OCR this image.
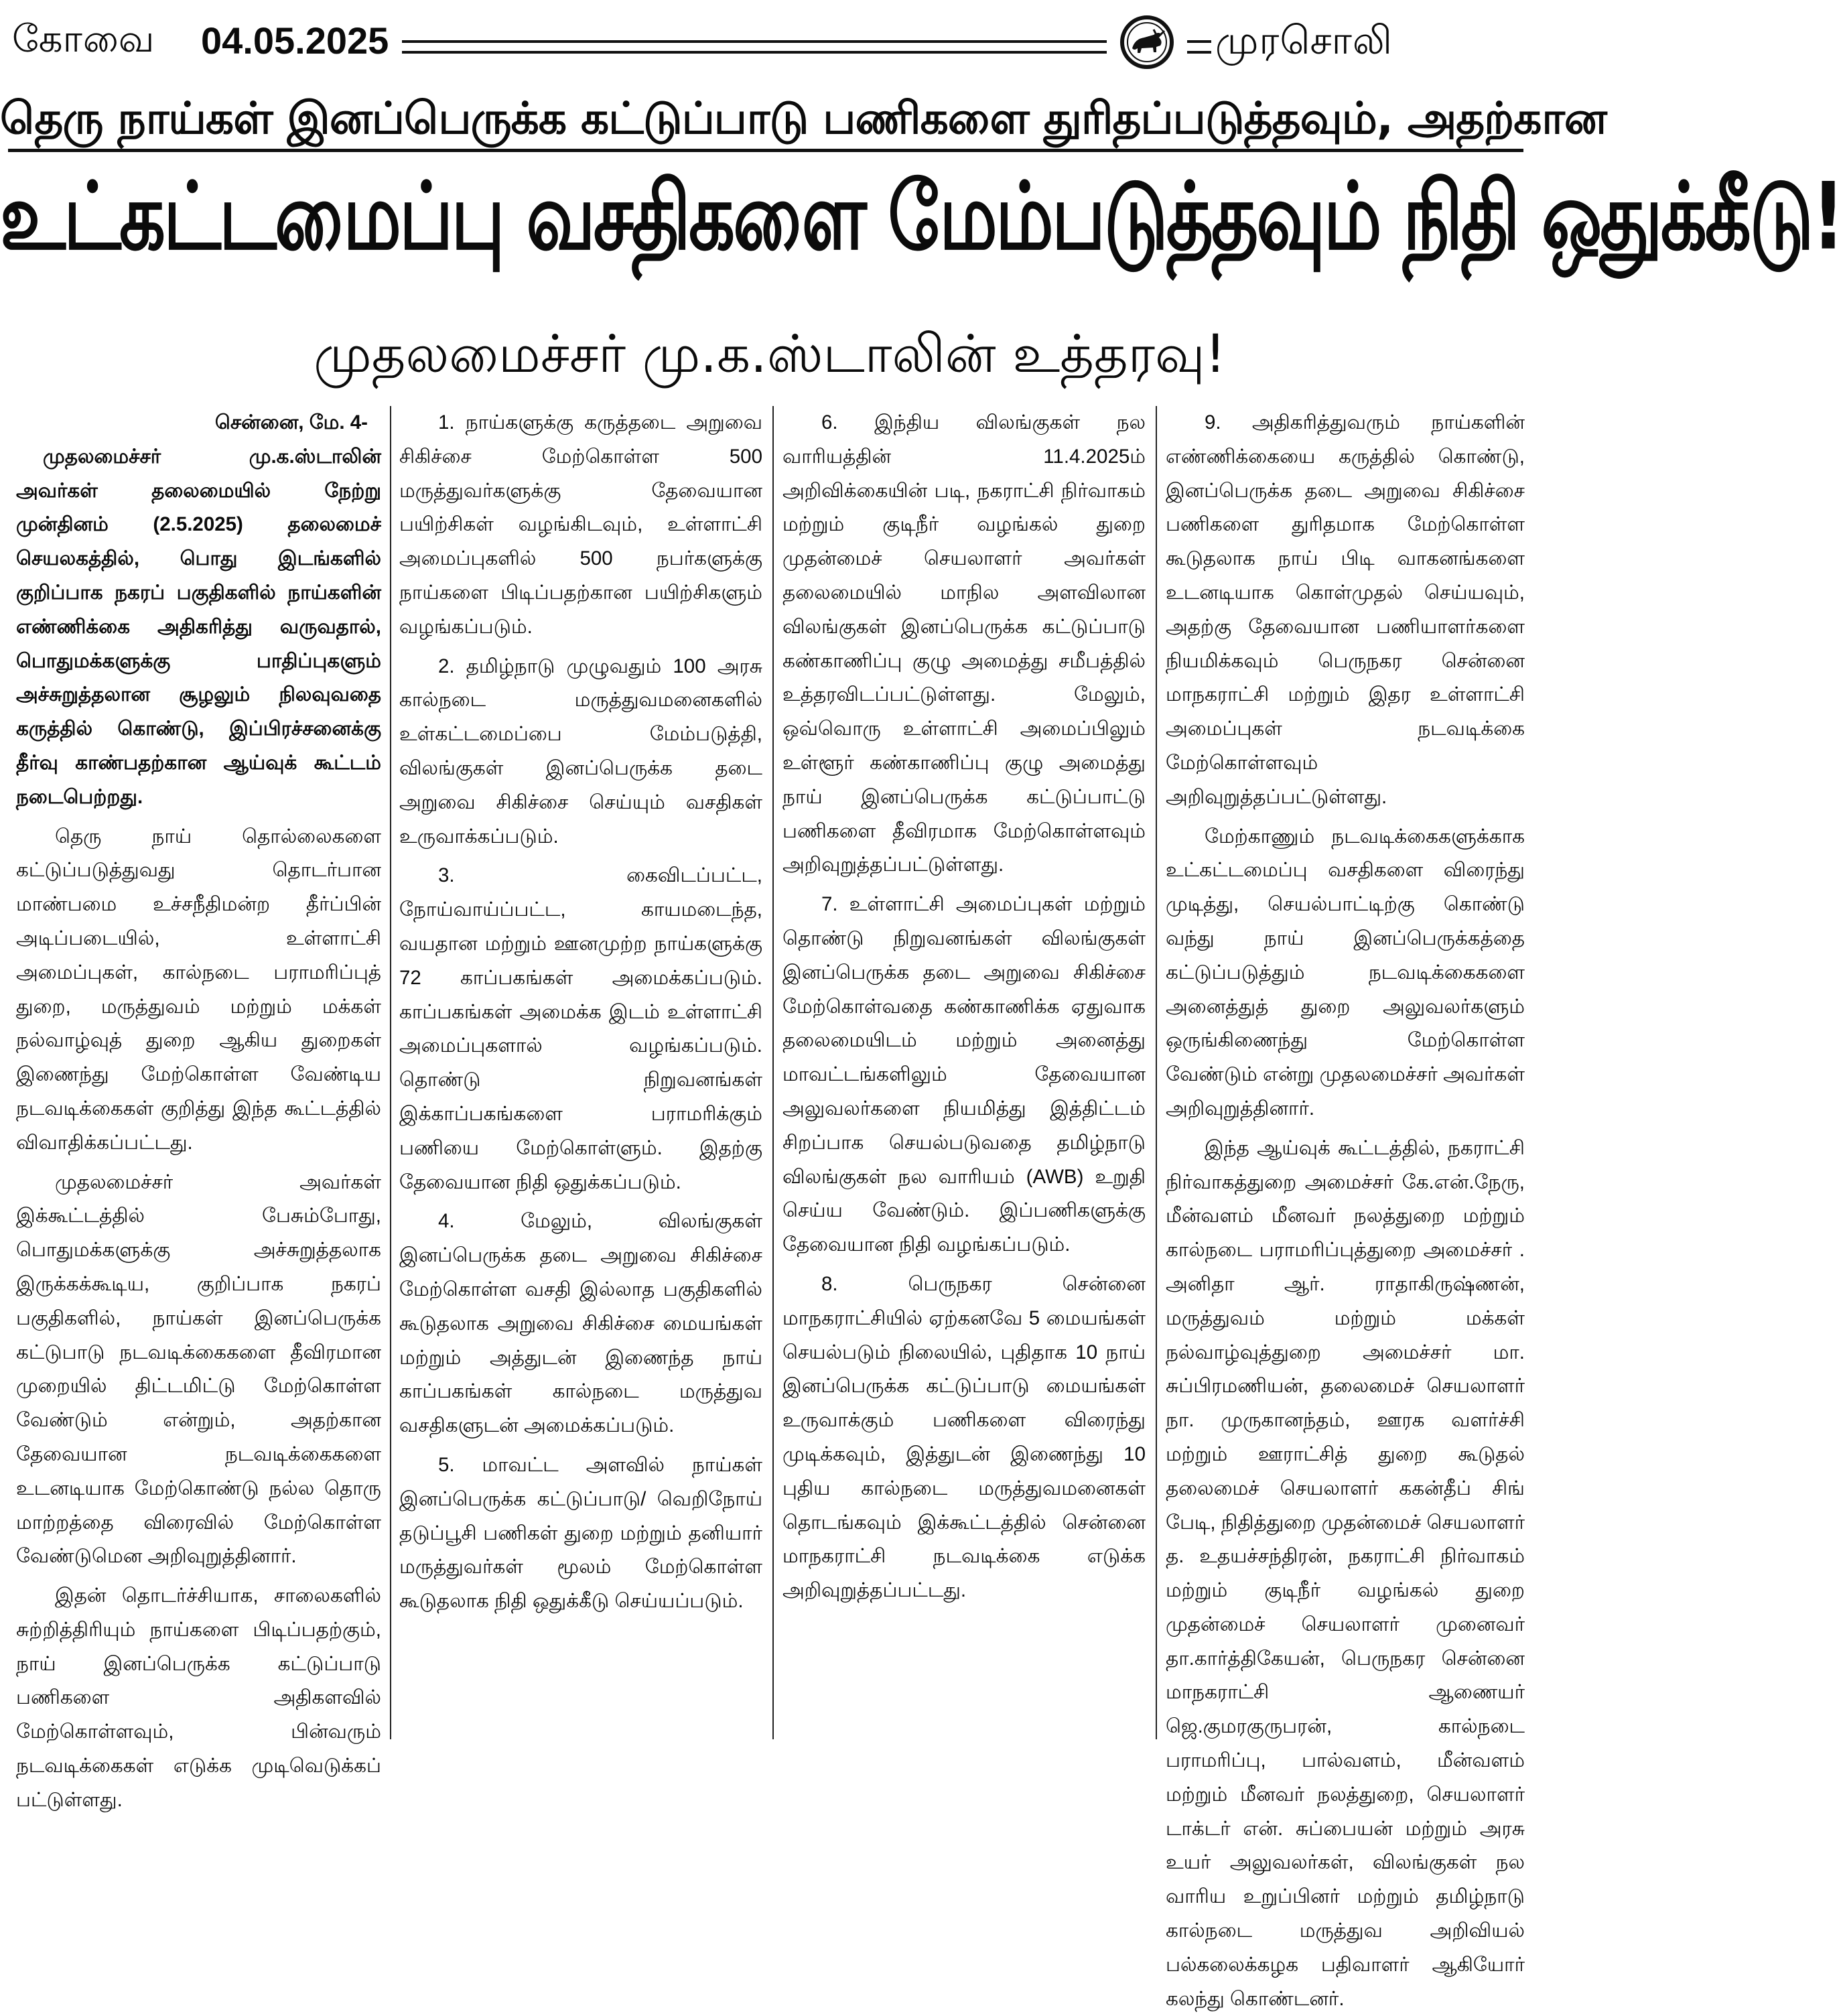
கோவை 04.05.2025	முரசொலி
தெரு நாய்கள் இனப்பெருக்க கட்டுப்பாடு பணிகளை துரிதப்படுத்தவும், அதற்கான
உட்கட்டமைப்பு வசதிகளை மேம்படுத்தவும் நிதி ஒதுக்கீடு!
முதலமைச்சர் மு.க.ஸ்டாலின் உத்தரவு!

சென்னை, மே. 4-

முதலமைச்சர் மு.க.ஸ்டாலின் அவர்கள் தலைமையில் நேற்று முன்தினம் (2.5.2025) தலைமைச் செயலகத்தில், பொது இடங்களில் குறிப்பாக நகரப் பகுதிகளில் நாய்களின் எண்ணிக்கை அதிகரித்து வருவதால், பொதுமக்களுக்கு பாதிப்புகளும் அச்சுறுத்தலான சூழலும் நிலவுவதை கருத்தில் கொண்டு, இப்பிரச்சனைக்கு தீர்வு காண்பதற்கான ஆய்வுக் கூட்டம் நடைபெற்றது.

தெரு நாய் தொல்லைகளை கட்டுப்படுத்துவது தொடர்பான மாண்பமை உச்சநீதிமன்ற தீர்ப்பின் அடிப்படையில், உள்ளாட்சி அமைப்புகள், கால்நடை பராமரிப்புத் துறை, மருத்துவம் மற்றும் மக்கள் நல்வாழ்வுத் துறை ஆகிய துறைகள் இணைந்து மேற்கொள்ள வேண்டிய நடவடிக்கைகள் குறித்து இந்த கூட்டத்தில் விவாதிக்கப்பட்டது.

முதலமைச்சர் அவர்கள் இக்கூட்டத்தில் பேசும்போது, பொதுமக்களுக்கு அச்சுறுத்தலாக இருக்கக்கூடிய, குறிப்பாக நகரப் பகுதிகளில், நாய்கள் இனப்பெருக்க கட்டுபாடு நடவடிக்கைகளை தீவிரமான முறையில் திட்டமிட்டு மேற்கொள்ள வேண்டும் என்றும், அதற்கான தேவையான நடவடிக்கைகளை உடனடியாக மேற்கொண்டு நல்ல தொரு மாற்றத்தை விரைவில் மேற்கொள்ள வேண்டுமென அறிவுறுத்தினார்.

இதன் தொடர்ச்சியாக, சாலைகளில் சுற்றித்திரியும் நாய்களை பிடிப்பதற்கும், நாய் இனப்பெருக்க கட்டுப்பாடு பணிகளை அதிகளவில் மேற்கொள்ளவும், பின்வரும் நடவடிக்கைகள் எடுக்க முடிவெடுக்கப் பட்டுள்ளது.

1. நாய்களுக்கு கருத்தடை அறுவை சிகிச்சை மேற்கொள்ள 500 மருத்துவர்களுக்கு தேவையான பயிற்சிகள் வழங்கிடவும், உள்ளாட்சி அமைப்புகளில் 500 நபர்களுக்கு நாய்களை பிடிப்பதற்கான பயிற்சிகளும் வழங்கப்படும்.

2. தமிழ்நாடு முழுவதும் 100 அரசு கால்நடை மருத்துவமனைகளில் உள்கட்டமைப்பை மேம்படுத்தி, விலங்குகள் இனப்பெருக்க தடை அறுவை சிகிச்சை செய்யும் வசதிகள் உருவாக்கப்படும்.

3. கைவிடப்பட்ட, நோய்வாய்ப்பட்ட, காயமடைந்த, வயதான மற்றும் ஊனமுற்ற நாய்களுக்கு 72 காப்பகங்கள் அமைக்கப்படும். காப்பகங்கள் அமைக்க இடம் உள்ளாட்சி அமைப்புகளால் வழங்கப்படும். தொண்டு நிறுவனங்கள் இக்காப்பகங்களை பராமரிக்கும் பணியை மேற்கொள்ளும். இதற்கு தேவையான நிதி ஒதுக்கப்படும்.

4. மேலும், விலங்குகள் இனப்பெருக்க தடை அறுவை சிகிச்சை மேற்கொள்ள வசதி இல்லாத பகுதிகளில் கூடுதலாக அறுவை சிகிச்சை மையங்கள் மற்றும் அத்துடன் இணைந்த நாய் காப்பகங்கள் கால்நடை மருத்துவ வசதிகளுடன் அமைக்கப்படும்.

5. மாவட்ட அளவில் நாய்கள் இனப்பெருக்க கட்டுப்பாடு/ வெறிநோய் தடுப்பூசி பணிகள் துறை மற்றும் தனியார் மருத்துவர்கள் மூலம் மேற்கொள்ள கூடுதலாக நிதி ஒதுக்கீடு செய்யப்படும்.

6. இந்திய விலங்குகள் நல வாரியத்தின் 11.4.2025ம் அறிவிக்கையின் படி, நகராட்சி நிர்வாகம் மற்றும் குடிநீர் வழங்கல் துறை முதன்மைச் செயலாளர் அவர்கள் தலைமையில் மாநில அளவிலான விலங்குகள் இனப்பெருக்க கட்டுப்பாடு கண்காணிப்பு குழு அமைத்து சமீபத்தில் உத்தரவிடப்பட்டுள்ளது. மேலும், ஒவ்வொரு உள்ளாட்சி அமைப்பிலும் உள்ளூர் கண்காணிப்பு குழு அமைத்து நாய் இனப்பெருக்க கட்டுப்பாட்டு பணிகளை தீவிரமாக மேற்கொள்ளவும் அறிவுறுத்தப்பட்டுள்ளது.

7. உள்ளாட்சி அமைப்புகள் மற்றும் தொண்டு நிறுவனங்கள் விலங்குகள் இனப்பெருக்க தடை அறுவை சிகிச்சை மேற்கொள்வதை கண்காணிக்க ஏதுவாக தலைமையிடம் மற்றும் அனைத்து மாவட்டங்களிலும் தேவையான அலுவலர்களை நியமித்து இத்திட்டம் சிறப்பாக செயல்படுவதை தமிழ்நாடு விலங்குகள் நல வாரியம் (AWB) உறுதி செய்ய வேண்டும். இப்பணிகளுக்கு தேவையான நிதி வழங்கப்படும்.

8. பெருநகர சென்னை மாநகராட்சியில் ஏற்கனவே 5 மையங்கள் செயல்படும் நிலையில், புதிதாக 10 நாய் இனப்பெருக்க கட்டுப்பாடு மையங்கள் உருவாக்கும் பணிகளை விரைந்து முடிக்கவும், இத்துடன் இணைந்து 10 புதிய கால்நடை மருத்துவமனைகள் தொடங்கவும் இக்கூட்டத்தில் சென்னை மாநகராட்சி நடவடிக்கை எடுக்க அறிவுறுத்தப்பட்டது.

9. அதிகரித்துவரும் நாய்களின் எண்ணிக்கையை கருத்தில் கொண்டு, இனப்பெருக்க தடை அறுவை சிகிச்சை பணிகளை துரிதமாக மேற்கொள்ள கூடுதலாக நாய் பிடி வாகனங்களை உடனடியாக கொள்முதல் செய்யவும், அதற்கு தேவையான பணியாளர்களை நியமிக்கவும் பெருநகர சென்னை மாநகராட்சி மற்றும் இதர உள்ளாட்சி அமைப்புகள் நடவடிக்கை மேற்கொள்ளவும் அறிவுறுத்தப்பட்டுள்ளது.

மேற்காணும் நடவடிக்கைகளுக்காக உட்கட்டமைப்பு வசதிகளை விரைந்து முடித்து, செயல்பாட்டிற்கு கொண்டு வந்து நாய் இனப்பெருக்கத்தை கட்டுப்படுத்தும் நடவடிக்கைகளை அனைத்துத் துறை அலுவலர்களும் ஒருங்கிணைந்து மேற்கொள்ள வேண்டும் என்று முதலமைச்சர் அவர்கள் அறிவுறுத்தினார்.

இந்த ஆய்வுக் கூட்டத்தில், நகராட்சி நிர்வாகத்துறை அமைச்சர் கே.என்.நேரு, மீன்வளம் மீனவர் நலத்துறை மற்றும் கால்நடை பராமரிப்புத்துறை அமைச்சர் . அனிதா ஆர். ராதாகிருஷ்ணன், மருத்துவம் மற்றும் மக்கள் நல்வாழ்வுத்துறை அமைச்சர் மா. சுப்பிரமணியன், தலைமைச் செயலாளர் நா. முருகானந்தம், ஊரக வளர்ச்சி மற்றும் ஊராட்சித் துறை கூடுதல் தலைமைச் செயலாளர் ககன்தீப் சிங் பேடி, நிதித்துறை முதன்மைச் செயலாளர் த. உதயச்சந்திரன், நகராட்சி நிர்வாகம் மற்றும் குடிநீர் வழங்கல் துறை முதன்மைச் செயலாளர் முனைவர் தா.கார்த்திகேயன், பெருநகர சென்னை மாநகராட்சி ஆணையர் ஜெ.குமரகுருபரன், கால்நடை பராமரிப்பு, பால்வளம், மீன்வளம் மற்றும் மீனவர் நலத்துறை, செயலாளர் டாக்டர் என். சுப்பையன் மற்றும் அரசு உயர் அலுவலர்கள், விலங்குகள் நல வாரிய உறுப்பினர் மற்றும் தமிழ்நாடு கால்நடை மருத்துவ அறிவியல் பல்கலைக்கழக பதிவாளர் ஆகியோர் கலந்து கொண்டனர்.
